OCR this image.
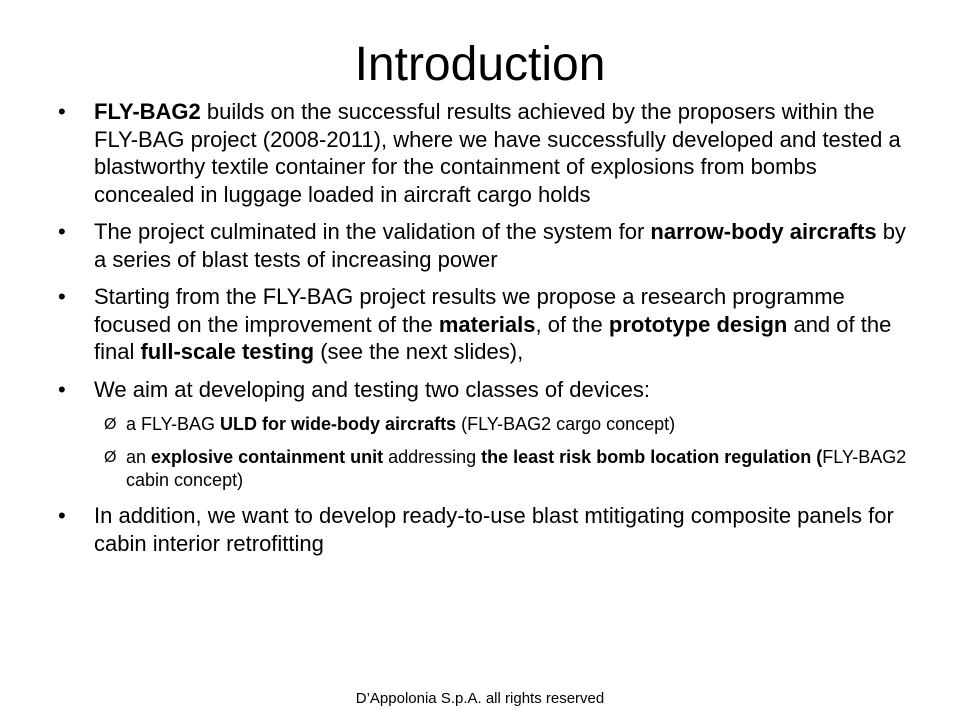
Introduction
• FLY-BAG2 builds on the successful results achieved by the proposers within the FLY-BAG project (2008-2011), where we have successfully developed and tested a blastworthy textile container for the containment of explosions from bombs concealed in luggage loaded in aircraft cargo holds
• The project culminated in the validation of the system for narrow-body aircrafts by a series of blast tests of increasing power
• Starting from the FLY-BAG project results we propose a research programme focused on the improvement of the materials, of the prototype design and of the final full-scale testing (see the next slides),
• We aim at developing and testing two classes of devices:
Ø a FLY-BAG ULD for wide-body aircrafts (FLY-BAG2 cargo concept)
Ø an explosive containment unit addressing the least risk bomb location regulation (FLY-BAG2 cabin concept)
• In addition, we want to develop ready-to-use blast mtitigating composite panels for cabin interior retrofitting
D’Appolonia S.p.A. all rights reserved
